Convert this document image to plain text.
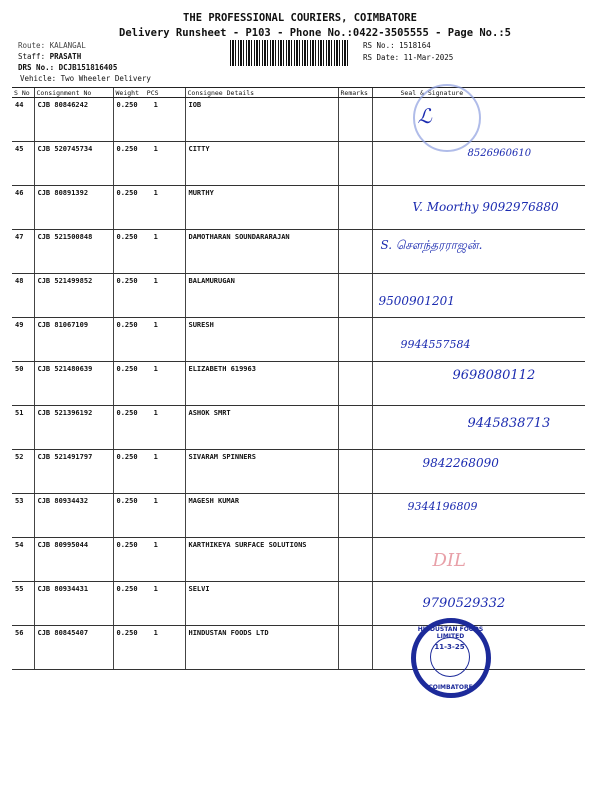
THE PROFESSIONAL COURIERS, COIMBATORE
Delivery Runsheet - P103 - Phone No.:0422-3505555 - Page No.:5
Route: KALANGAL
Staff: PRASATH
DRS No.: DCJB151816405
Vehicle: Two Wheeler Delivery
RS No.: 1518164
RS Date: 11-Mar-2025
S No	Consignment No	Weight  PCS	Consignee Details	Remarks	Seal & Signature
44	CJB 80846242	0.250 1	IOB		ℒ

45	CJB 520745734	0.250 1	CITTY		8526960610

46	CJB 80891392	0.250 1	MURTHY		V. Moorthy 9092976880

47	CJB 521500848	0.250 1	DAMOTHARAN SOUNDARARAJAN		S. சௌந்தரராஜன்.

48	CJB 521499852	0.250 1	BALAMURUGAN		9500901201

49	CJB 81067109	0.250 1	SURESH		9944557584

50	CJB 521480639	0.250 1	ELIZABETH 619963		9698080112

51	CJB 521396192	0.250 1	ASHOK SMRT		9445838713

52	CJB 521491797	0.250 1	SIVARAM SPINNERS		9842268090

53	CJB 80934432	0.250 1	MAGESH KUMAR		9344196809

54	CJB 80995044	0.250 1	KARTHIKEYA SURFACE SOLUTIONS		DIL

55	CJB 80934431	0.250 1	SELVI		9790529332

56	CJB 80845407	0.250 1	HINDUSTAN FOODS LTD		HINDUSTAN FOODS LIMITED
11-3-25
COIMBATORE
